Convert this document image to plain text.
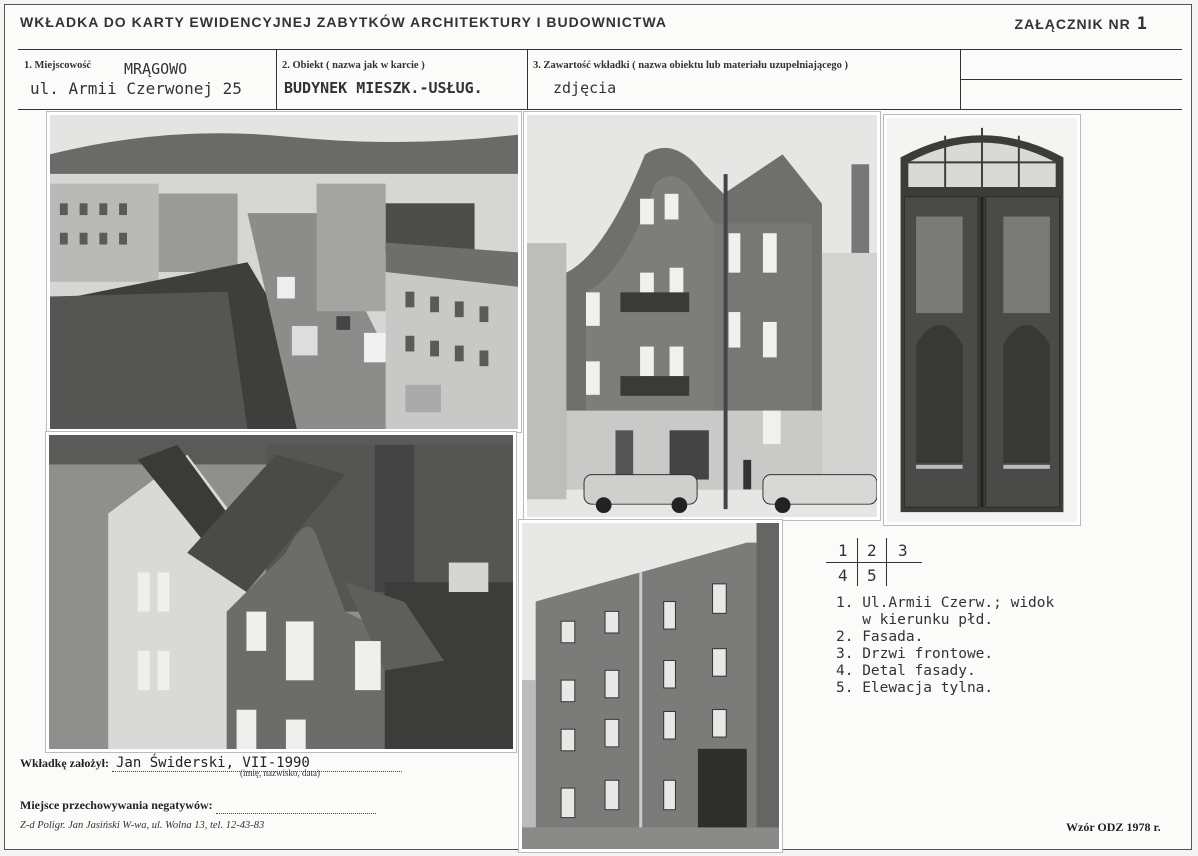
WKŁADKA DO KARTY EWIDENCYJNEJ ZABYTKÓW ARCHITEKTURY I BUDOWNICTWA	ZAŁĄCZNIK NR 1
1. Miejscowość MRĄGOWO
ul. Armii Czerwonej 25
2. Obiekt ( nazwa jak w karcie )
BUDYNEK MIESZK.-USŁUG.
3. Zawartość wkładki ( nazwa obiektu lub materiału uzupełniającego )
zdjęcia
1 2 3
4 5
1. Ul.Armii Czerw.; widok
w kierunku płd.
2. Fasada.
3. Drzwi frontowe.
4. Detal fasady.
5. Elewacja tylna.
Wkładkę założył: Jan Świderski, VII-1990
(imię, nazwisko, data)
Miejsce przechowywania negatywów:
Z-d Poligr. Jan Jasiński W-wa, ul. Wolna 13, tel. 12-43-83	Wzór ODZ 1978 r.
